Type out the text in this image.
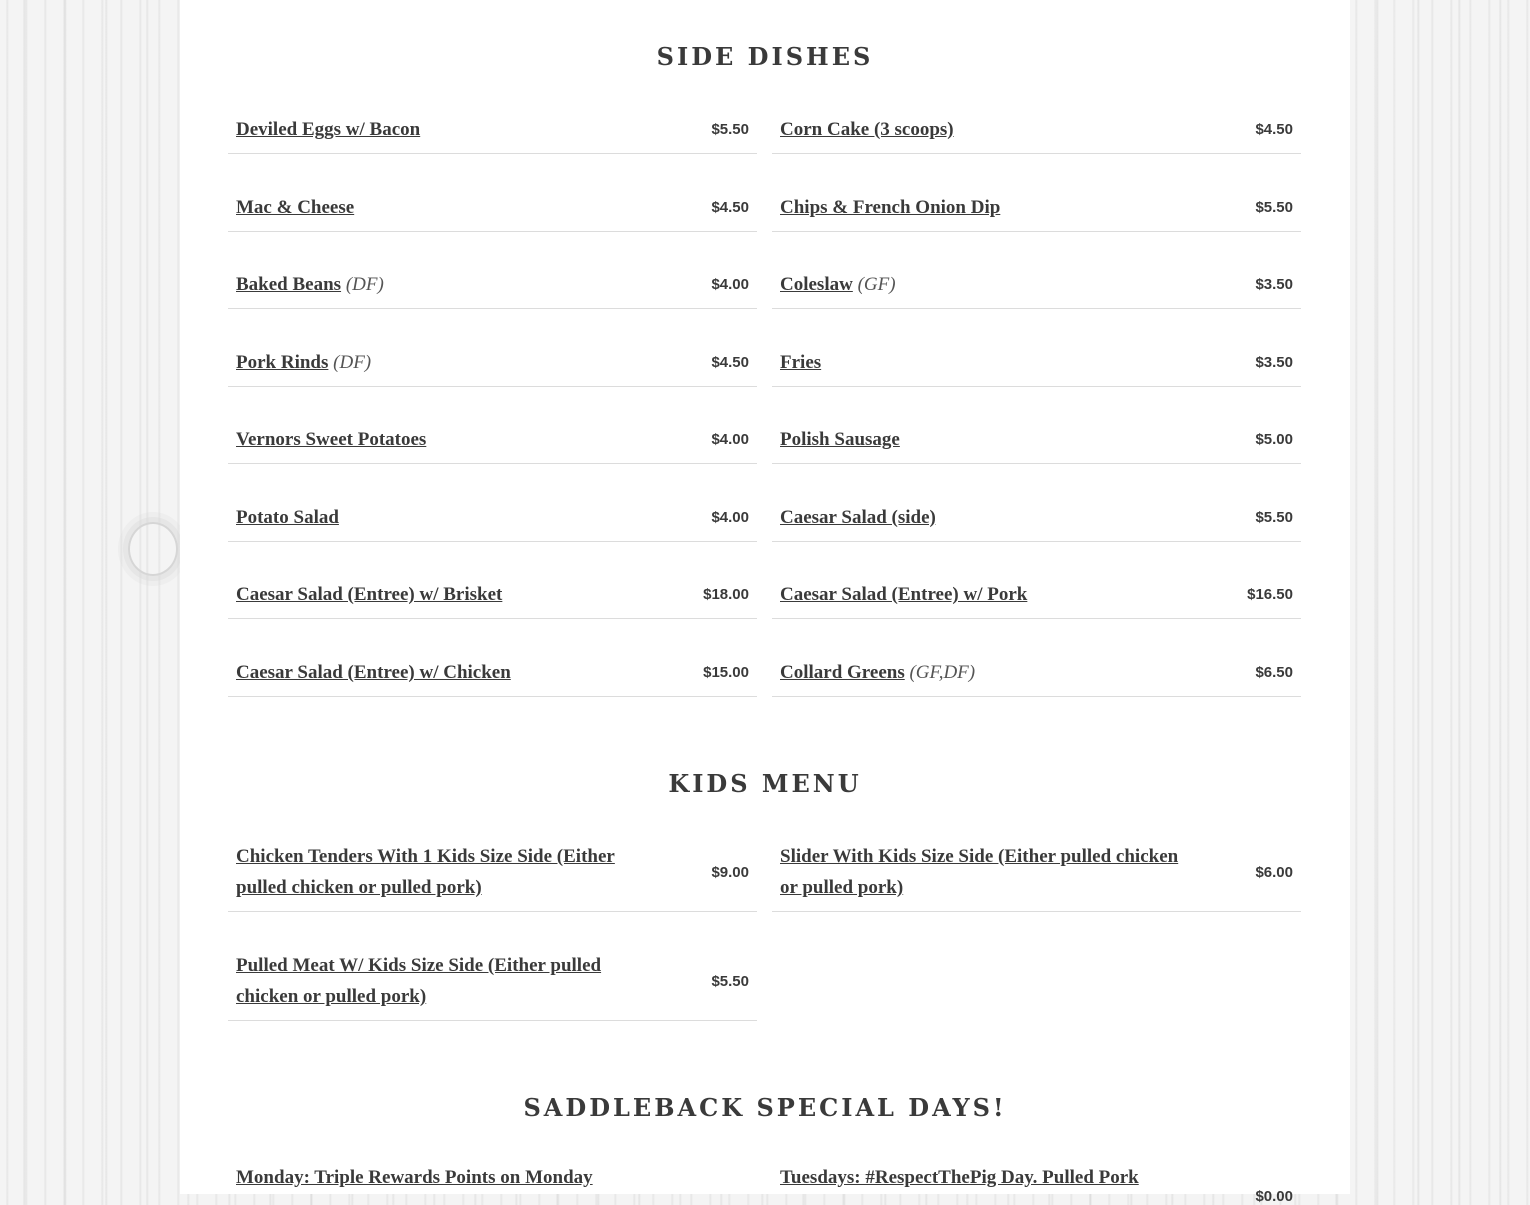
SIDE DISHES
Deviled Eggs w/ Bacon	$5.50 Corn Cake (3 scoops)	$4.50
Mac & Cheese	$4.50 Chips & French Onion Dip	$5.50
Baked Beans (DF)	$4.00 Coleslaw (GF)	$3.50
Pork Rinds (DF)	$4.50 Fries	$3.50
Vernors Sweet Potatoes	$4.00 Polish Sausage	$5.00
Potato Salad	$4.00 Caesar Salad (side)	$5.50
Caesar Salad (Entree) w/ Brisket	$18.00 Caesar Salad (Entree) w/ Pork	$16.50
Caesar Salad (Entree) w/ Chicken	$15.00 Collard Greens (GF,DF)	$6.50
KIDS MENU
Chicken Tenders With 1 Kids Size Side (Either pulled chicken or pulled pork)
$9.00
Slider With Kids Size Side (Either pulled chicken or pulled pork)
$6.00
Pulled Meat W/ Kids Size Side (Either pulled chicken or pulled pork)
$5.50
SADDLEBACK SPECIAL DAYS!
Monday: Triple Rewards Points on Monday	Tuesdays: #RespectThePig Day. Pulled Pork
$0.00
